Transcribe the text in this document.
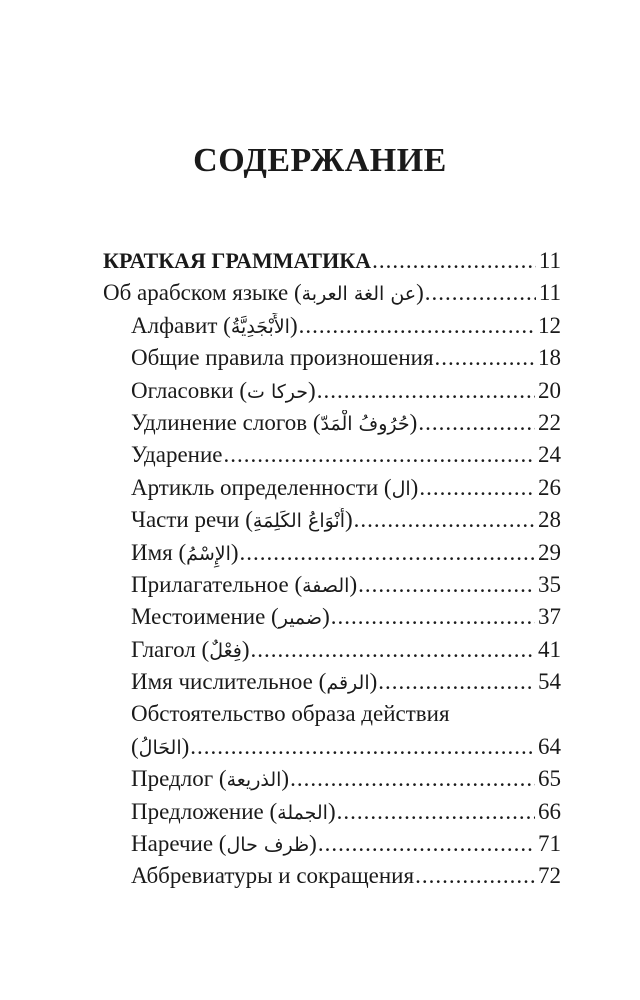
СОДЕРЖАНИЕ
КРАТКАЯ ГРАММАТИКА .....	11
Об арабском языке (عن الغة العربة) .....	11
Алфавит (الأَبْجَدِيَّةُ) .....	12
Общие правила произношения .....	18
Огласовки (حركا ت) .....	20
Удлинение слогов (حُرُوفُ الْمَدّ) .....	22
Ударение .....	24
Артикль определенности (ال) .....	26
Части речи (أَنْوَاعُ الكَلِمَةِ) .....	28
Имя (الإِسْمُ) .....	29
Прилагательное (الصفة) .....	35
Местоимение (ضمير) .....	37
Глагол (فِعْلٌ) .....	41
Имя числительное (الرقم) .....	54
Обстоятельство образа действия
(الحَالُ) .....	64
Предлог (الذريعة) .....	65
Предложение (الجملة) .....	66
Наречие (ظرف حال) .....	71
Аббревиатуры и сокращения .....	72
